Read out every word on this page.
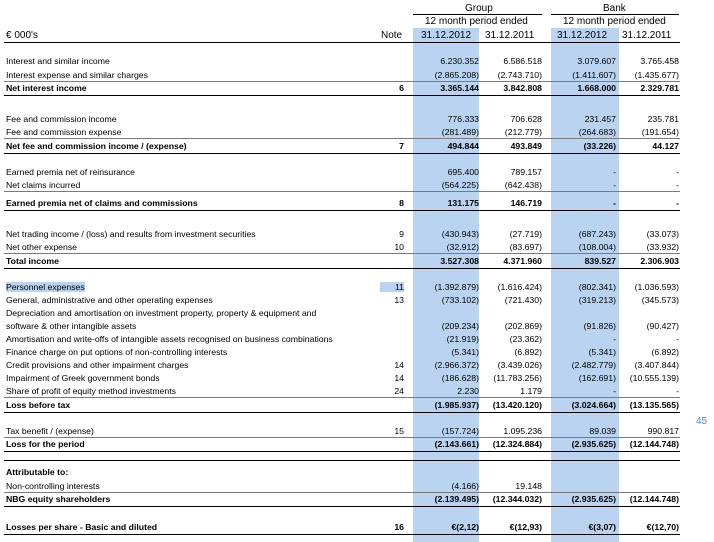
Group	Bank
12 month period ended	12 month period ended
€ 000's	Note 31.12.2012 31.12.2011 31.12.2012 31.12.2011
Interest and similar income	6.230.352	6.586.518	3.079.607	3.765.458
Interest expense and similar charges	(2.865.208)	(2.743.710)	(1.411.607)	(1.435.677)
Net interest income	6	3.365.144	3.842.808	1.668.000	2.329.781
Fee and commission income	776.333	706.628	231.457	235.781
Fee and commission expense	(281.489)	(212.779)	(264.683)	(191.654)
Net fee and commission income / (expense)	7	494.844	493.849	(33.226)	44.127
Earned premia net of reinsurance	695.400	789.157	-	-
Net claims incurred	(564.225)	(642.438)	-	-
Earned premia net of claims and commissions	8	131.175	146.719	-	-
Net trading income / (loss) and results from investment securities	9	(430.943)	(27.719)	(687.243)	(33.073)
Net other expense	10	(32.912)	(83.697)	(108.004)	(33.932)
Total income	3.527.308	4.371.960	839.527	2.306.903
Personnel expenses	11	(1.392.879)	(1.616.424)	(802.341)	(1.036.593)
General, administrative and other operating expenses	13	(733.102)	(721.430)	(319.213)	(345.573)
Depreciation and amortisation on investment property, property & equipment and
software & other intangible assets	(209.234)	(202.869)	(91.826)	(90.427)
Amortisation and write-offs of intangible assets recognised on business combinations	(21.919)	(23.362)	-	-
Finance charge on put options of non-controlling interests	(5.341)	(6.892)	(5.341)	(6.892)
Credit provisions and other impairment charges	14	(2.966.372)	(3.439.026)	(2.482.779)	(3.407.844)
Impairment of Greek government bonds	14	(186.628)	(11.783.256)	(162.691)	(10.555.139)
Share of profit of equity method investments	24	2.230	1.179	-	-
Loss before tax	(1.985.937)	(13.420.120)	(3.024.664)	(13.135.565)
Tax benefit / (expense)	15	(157.724)	1.095.236	89.039	990.817
Loss for the period	(2.143.661)	(12.324.884)	(2.935.625)	(12.144.748)
Attributable to:
Non-controlling interests	(4.166)	19.148
NBG equity shareholders	(2.139.495)	(12.344.032)	(2.935.625)	(12.144.748)
Losses per share - Basic and diluted	16	€(2,12)	€(12,93)	€(3,07)	€(12,70)
45
